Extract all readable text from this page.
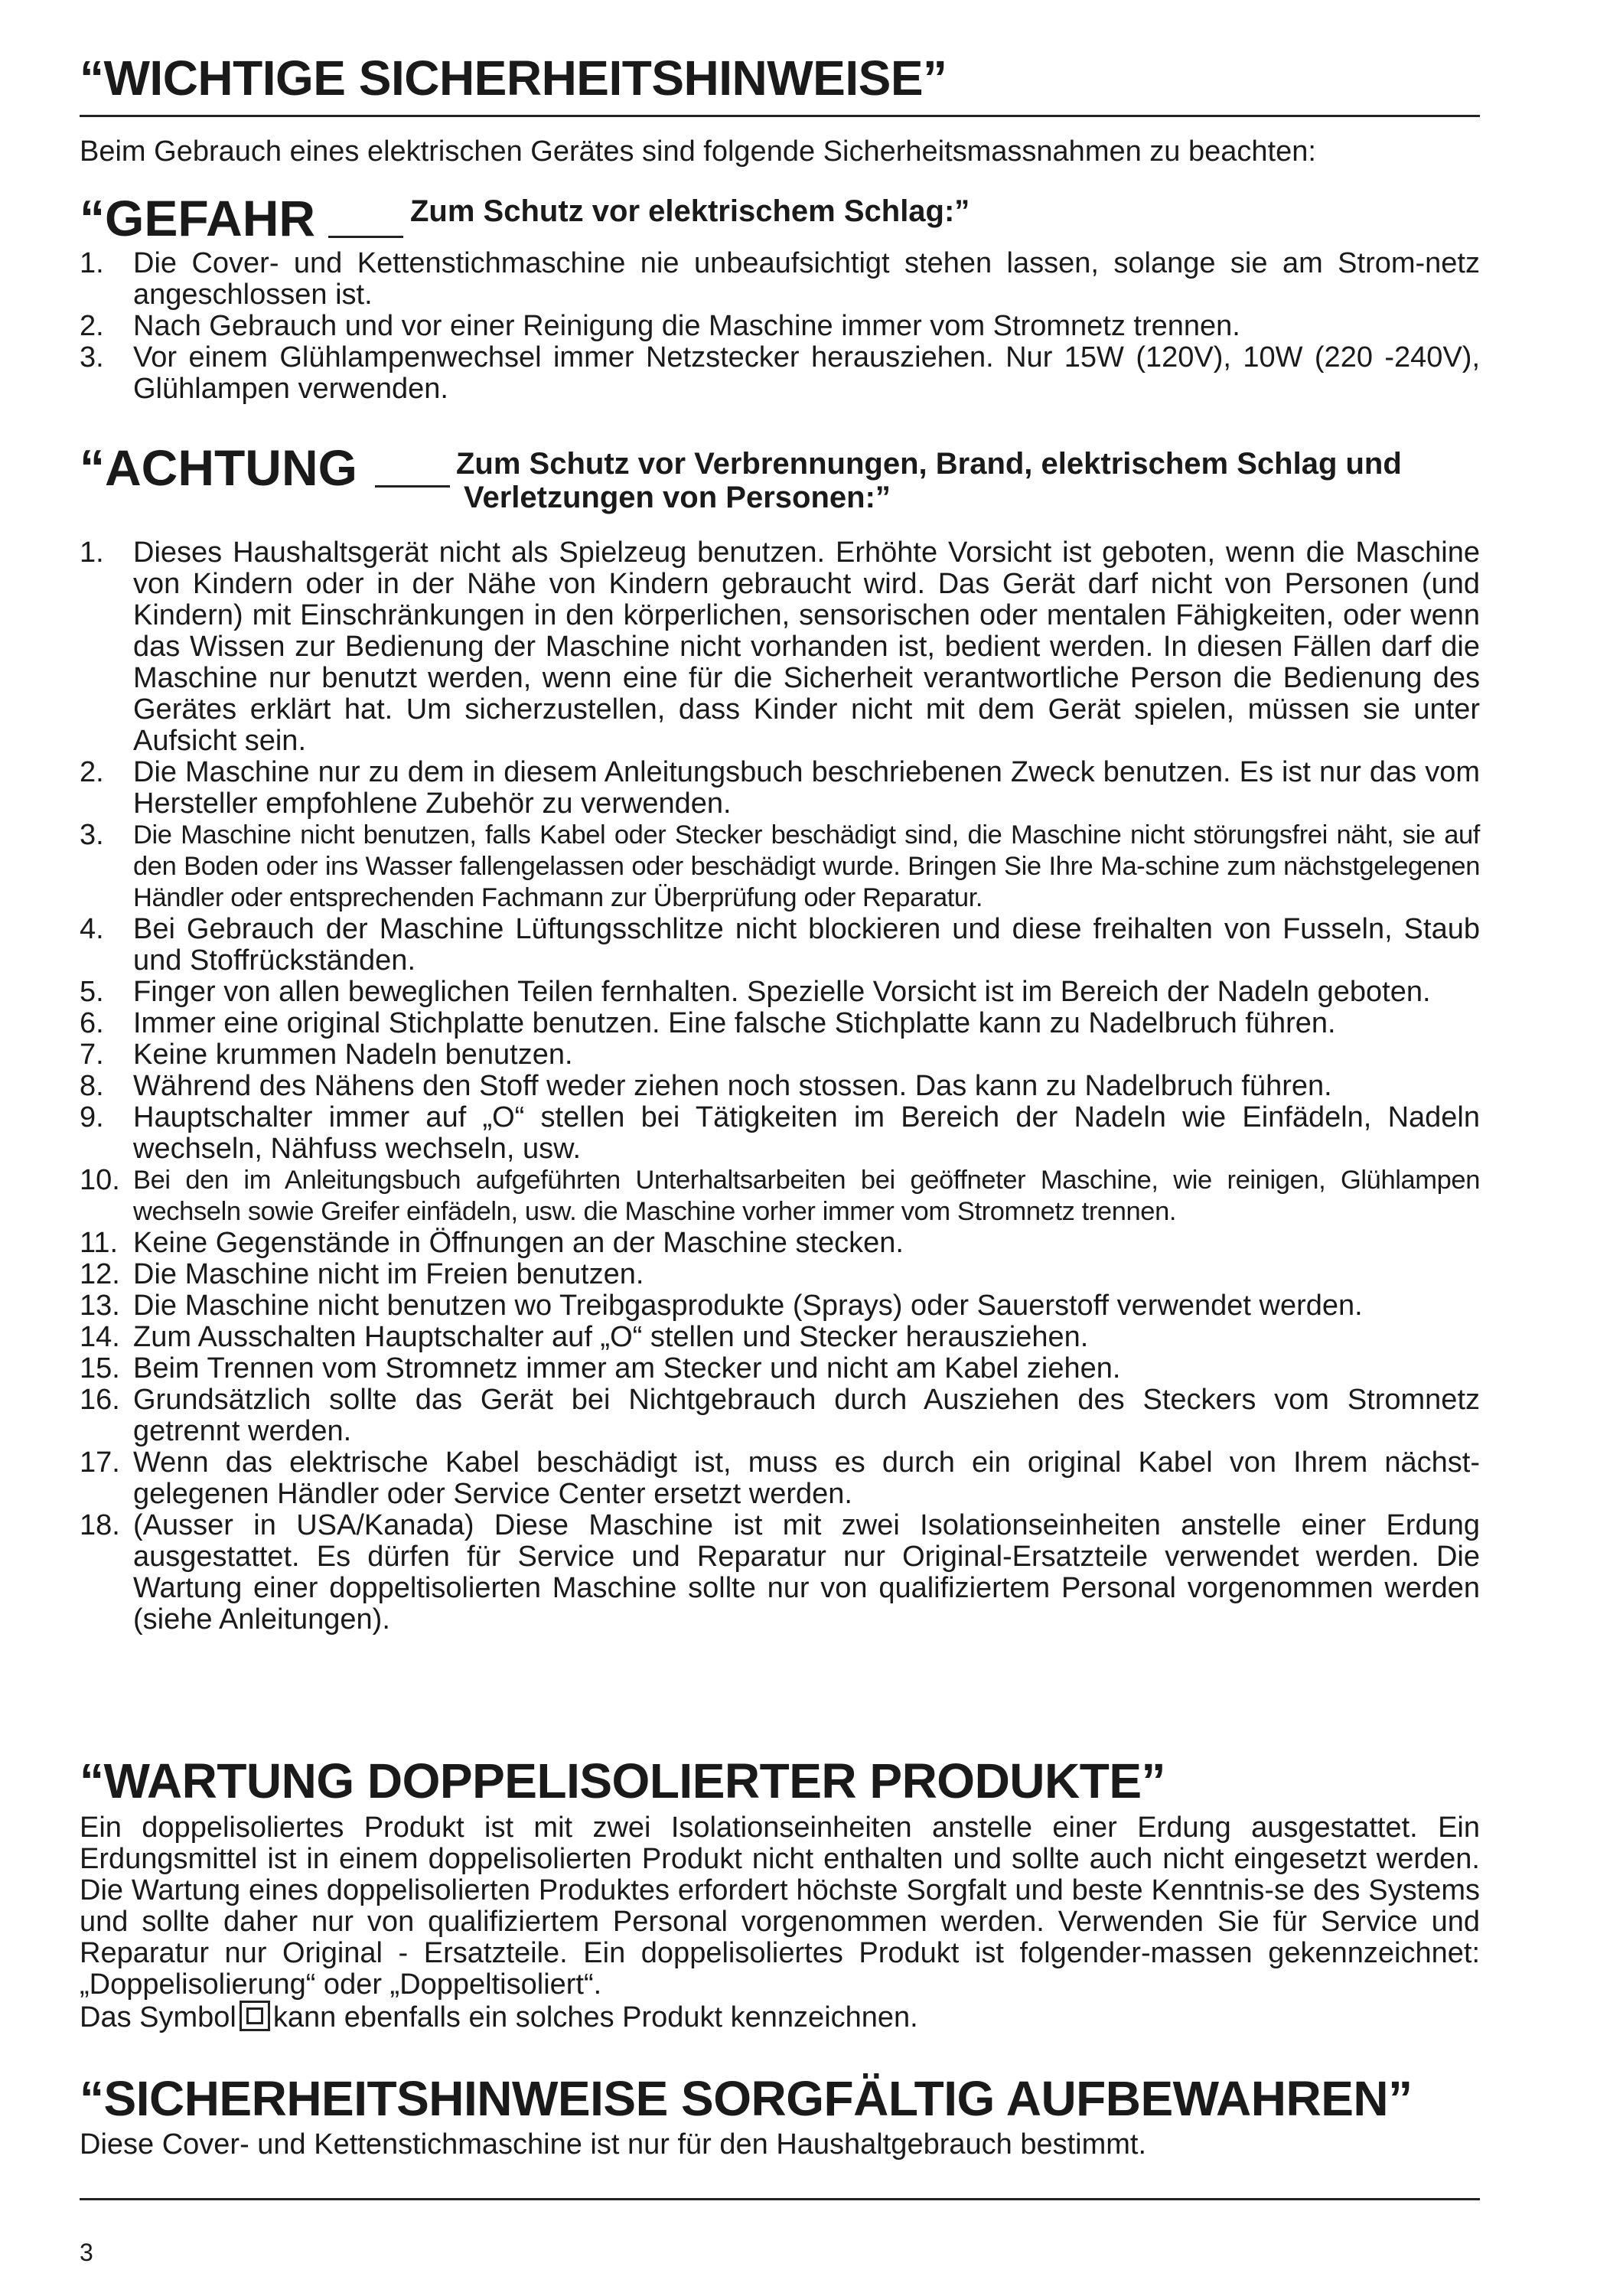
“WICHTIGE SICHERHEITSHINWEISE”
Beim Gebrauch eines elektrischen Gerätes sind folgende Sicherheitsmassnahmen zu beachten:
“GEFAHR	Zum Schutz vor elektrischem Schlag:”
1.	Die Cover- und Kettenstichmaschine nie unbeaufsichtigt stehen lassen, solange sie am Strom-netz angeschlossen ist.
2.	Nach Gebrauch und vor einer Reinigung die Maschine immer vom Stromnetz trennen.
3.	Vor einem Glühlampenwechsel immer Netzstecker herausziehen. Nur 15W (120V), 10W (220 -240V), Glühlampen verwenden.
“ACHTUNG	Zum Schutz vor Verbrennungen, Brand, elektrischem Schlag und
Verletzungen von Personen:”
1.	Dieses Haushaltsgerät nicht als Spielzeug benutzen. Erhöhte Vorsicht ist geboten, wenn die Maschine von Kindern oder in der Nähe von Kindern gebraucht wird. Das Gerät darf nicht von Personen (und Kindern) mit Einschränkungen in den körperlichen, sensorischen oder mentalen Fähigkeiten, oder wenn das Wissen zur Bedienung der Maschine nicht vorhanden ist, bedient werden. In diesen Fällen darf die Maschine nur benutzt werden, wenn eine für die Sicherheit verantwortliche Person die Bedienung des Gerätes erklärt hat. Um sicherzustellen, dass Kinder nicht mit dem Gerät spielen, müssen sie unter Aufsicht sein.
2.	Die Maschine nur zu dem in diesem Anleitungsbuch beschriebenen Zweck benutzen. Es ist nur das vom Hersteller empfohlene Zubehör zu verwenden.
3.	Die Maschine nicht benutzen, falls Kabel oder Stecker beschädigt sind, die Maschine nicht störungsfrei näht, sie auf den Boden oder ins Wasser fallengelassen oder beschädigt wurde. Bringen Sie Ihre Ma-schine zum nächstgelegenen Händler oder entsprechenden Fachmann zur Überprüfung oder Reparatur.
4.	Bei Gebrauch der Maschine Lüftungsschlitze nicht blockieren und diese freihalten von Fusseln, Staub und Stoffrückständen.
5.	Finger von allen beweglichen Teilen fernhalten. Spezielle Vorsicht ist im Bereich der Nadeln geboten.
6.	Immer eine original Stichplatte benutzen. Eine falsche Stichplatte kann zu Nadelbruch führen.
7.	Keine krummen Nadeln benutzen.
8.	Während des Nähens den Stoff weder ziehen noch stossen. Das kann zu Nadelbruch führen.
9.	Hauptschalter immer auf „O“ stellen bei Tätigkeiten im Bereich der Nadeln wie Einfädeln, Nadeln wechseln, Nähfuss wechseln, usw.
10. Bei den im Anleitungsbuch aufgeführten Unterhaltsarbeiten bei geöffneter Maschine, wie reinigen, Glühlampen wechseln sowie Greifer einfädeln, usw. die Maschine vorher immer vom Stromnetz trennen.
11. Keine Gegenstände in Öffnungen an der Maschine stecken.
12. Die Maschine nicht im Freien benutzen.
13. Die Maschine nicht benutzen wo Treibgasprodukte (Sprays) oder Sauerstoff verwendet werden.
14. Zum Ausschalten Hauptschalter auf „O“ stellen und Stecker herausziehen.
15. Beim Trennen vom Stromnetz immer am Stecker und nicht am Kabel ziehen.
16. Grundsätzlich sollte das Gerät bei Nichtgebrauch durch Ausziehen des Steckers vom Stromnetz getrennt werden.
17. Wenn das elektrische Kabel beschädigt ist, muss es durch ein original Kabel von Ihrem nächst-gelegenen Händler oder Service Center ersetzt werden.
18. (Ausser in USA/Kanada) Diese Maschine ist mit zwei Isolationseinheiten anstelle einer Erdung ausgestattet. Es dürfen für Service und Reparatur nur Original-Ersatzteile verwendet werden. Die Wartung einer doppeltisolierten Maschine sollte nur von qualifiziertem Personal vorgenommen werden (siehe Anleitungen).
“WARTUNG DOPPELISOLIERTER PRODUKTE”
Ein doppelisoliertes Produkt ist mit zwei Isolationseinheiten anstelle einer Erdung ausgestattet. Ein Erdungsmittel ist in einem doppelisolierten Produkt nicht enthalten und sollte auch nicht eingesetzt werden. Die Wartung eines doppelisolierten Produktes erfordert höchste Sorgfalt und beste Kenntnis-se des Systems und sollte daher nur von qualifiziertem Personal vorgenommen werden. Verwenden Sie für Service und Reparatur nur Original - Ersatzteile. Ein doppelisoliertes Produkt ist folgender-massen gekennzeichnet: „Doppelisolierung“ oder „Doppeltisoliert“.
Das Symbol kann ebenfalls ein solches Produkt kennzeichnen.
“SICHERHEITSHINWEISE SORGFÄLTIG AUFBEWAHREN”
Diese Cover- und Kettenstichmaschine ist nur für den Haushaltgebrauch bestimmt.
3
